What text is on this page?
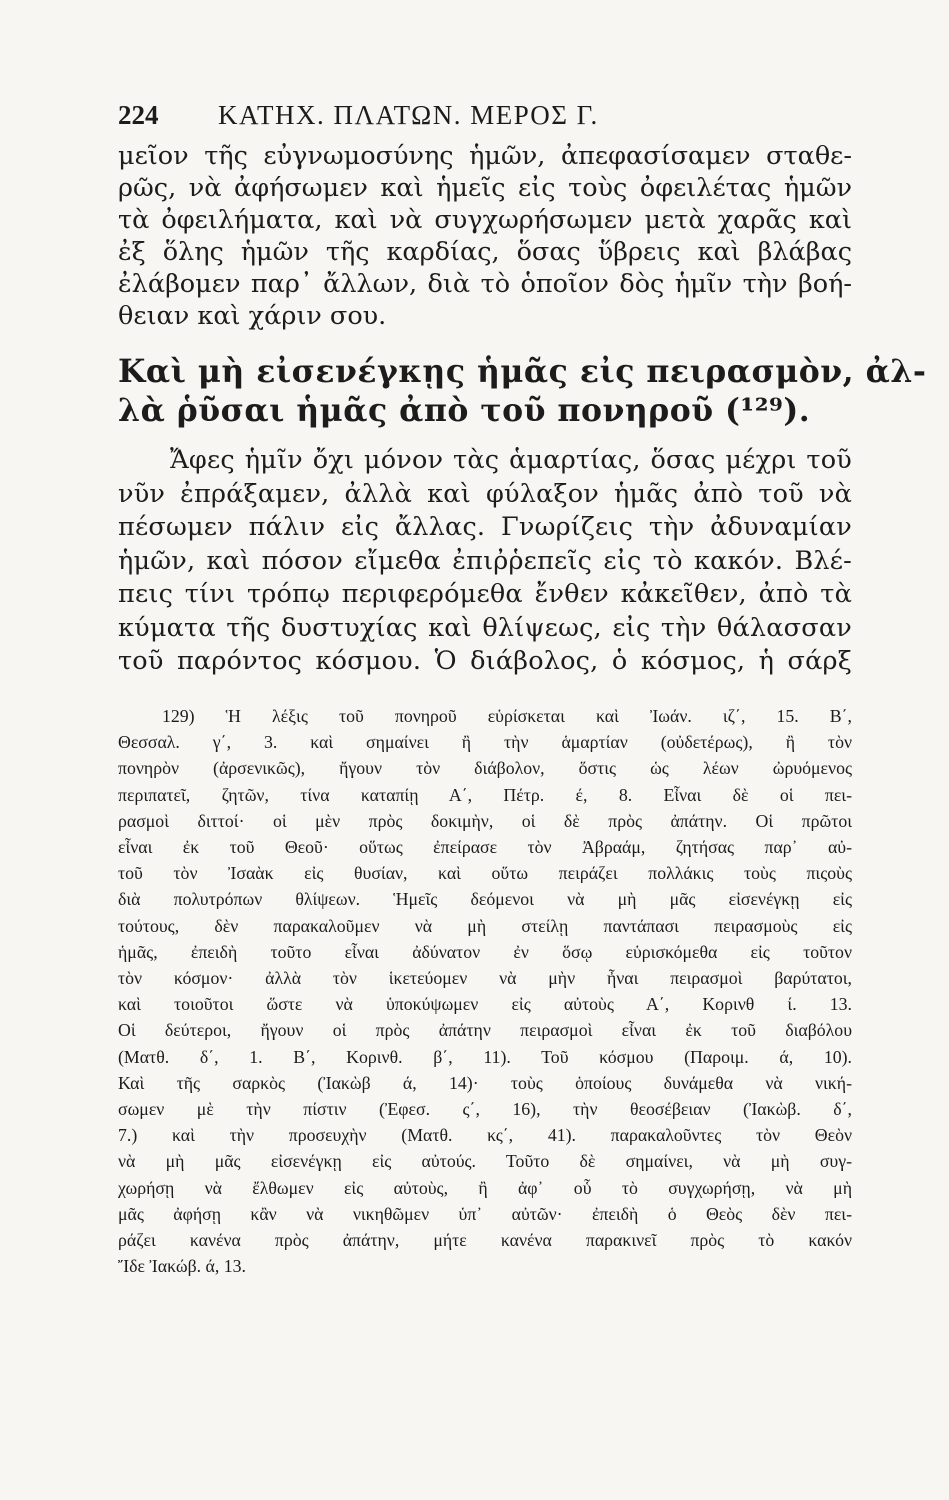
224	ΚΑΤΗΧ. ΠΛΑΤΩΝ. ΜΕΡΟΣ Γ.
μεῖον τῆς εὐγνωμοσύνης ἡμῶν, ἀπεφασίσαμεν σταθε-
ρῶς, νὰ ἀφήσωμεν καὶ ἡμεῖς εἰς τοὺς ὀφειλέτας ἡμῶν
τὰ ὀφειλήματα, καὶ νὰ συγχωρήσωμεν μετὰ χαρᾶς καὶ
ἐξ ὅλης ἡμῶν τῆς καρδίας, ὅσας ὕβρεις καὶ βλάβας
ἐλάβομεν παρ᾽ ἄλλων, διὰ τὸ ὁποῖον δὸς ἡμῖν τὴν βοή-
θειαν καὶ χάριν σου.
Καὶ μὴ εἰσενέγκῃς ἡμᾶς εἰς πειρασμὸν, ἀλ-
λὰ ῥῦσαι ἡμᾶς ἀπὸ τοῦ πονηροῦ (¹²⁹).
Ἄφες ἡμῖν ὄχι μόνον τὰς ἁμαρτίας, ὅσας μέχρι τοῦ
νῦν ἐπράξαμεν, ἀλλὰ καὶ φύλαξον ἡμᾶς ἀπὸ τοῦ νὰ
πέσωμεν πάλιν εἰς ἄλλας. Γνωρίζεις τὴν ἀδυναμίαν
ἡμῶν, καὶ πόσον εἴμεθα ἐπιῤῥεπεῖς εἰς τὸ κακόν. Βλέ-
πεις τίνι τρόπῳ περιφερόμεθα ἔνθεν κἀκεῖθεν, ἀπὸ τὰ
κύματα τῆς δυστυχίας καὶ θλίψεως, εἰς τὴν θάλασσαν
τοῦ παρόντος κόσμου. Ὁ διάβολος, ὁ κόσμος, ἡ σάρξ
129) Ἡ λέξις τοῦ πονηροῦ εὑρίσκεται καὶ Ἰωάν. ιζ΄, 15. Β΄,
Θεσσαλ. γ΄, 3. καὶ σημαίνει ἢ τὴν ἁμαρτίαν (οὐδετέρως), ἢ τὸν
πονηρὸν (ἀρσενικῶς), ἤγουν τὸν διάβολον, ὅστις ὡς λέων ὠρυόμενος
περιπατεῖ, ζητῶν, τίνα καταπίῃ Α΄, Πέτρ. έ, 8. Εἶναι δὲ οἱ πει-
ρασμοὶ διττοί· οἱ μὲν πρὸς δοκιμὴν, οἱ δὲ πρὸς ἀπάτην. Οἱ πρῶτοι
εἶναι ἐκ τοῦ Θεοῦ· οὕτως ἐπείρασε τὸν Ἀβραάμ, ζητήσας παρ᾽ αὐ-
τοῦ τὸν Ἰσαὰκ εἰς θυσίαν, καὶ οὕτω πειράζει πολλάκις τοὺς πιςοὺς
διὰ πολυτρόπων θλίψεων. Ἡμεῖς δεόμενοι νὰ μὴ μᾶς εἰσενέγκῃ εἰς
τούτους, δὲν παρακαλοῦμεν νὰ μὴ στείλῃ παντάπασι πειρασμοὺς εἰς
ἡμᾶς, ἐπειδὴ τοῦτο εἶναι ἀδύνατον ἐν ὅσῳ εὑρισκόμεθα εἰς τοῦτον
τὸν κόσμον· ἀλλὰ τὸν ἱκετεύομεν νὰ μὴν ἦναι πειρασμοὶ βαρύτατοι,
καὶ τοιοῦτοι ὥστε νὰ ὑποκύψωμεν εἰς αὐτοὺς Α΄, Κορινθ ί. 13.
Οἱ δεύτεροι, ἤγουν οἱ πρὸς ἀπάτην πειρασμοὶ εἶναι ἐκ τοῦ διαβόλου
(Ματθ. δ΄, 1. Β΄, Κορινθ. β΄, 11). Τοῦ κόσμου (Παροιμ. ά, 10).
Καὶ τῆς σαρκὸς (Ἰακὼβ ά, 14)· τοὺς ὁποίους δυνάμεθα νὰ νική-
σωμεν μὲ τὴν πίστιν (Ἐφεσ. ς΄, 16), τὴν θεοσέβειαν (Ἰακὼβ. δ΄,
7.) καὶ τὴν προσευχὴν (Ματθ. κς΄, 41). παρακαλοῦντες τὸν Θεὸν
νὰ μὴ μᾶς εἰσενέγκῃ εἰς αὐτούς. Τοῦτο δὲ σημαίνει, νὰ μὴ συγ-
χωρήσῃ νὰ ἔλθωμεν εἰς αὐτοὺς, ἢ ἀφ᾽ οὗ τὸ συγχωρήσῃ, νὰ μὴ
μᾶς ἀφήσῃ κἂν νὰ νικηθῶμεν ὑπ᾽ αὐτῶν· ἐπειδὴ ὁ Θεὸς δὲν πει-
ράζει κανένα πρὸς ἀπάτην, μήτε κανένα παρακινεῖ πρὸς τὸ κακόν
Ἴδε Ἰακώβ. ά, 13.
